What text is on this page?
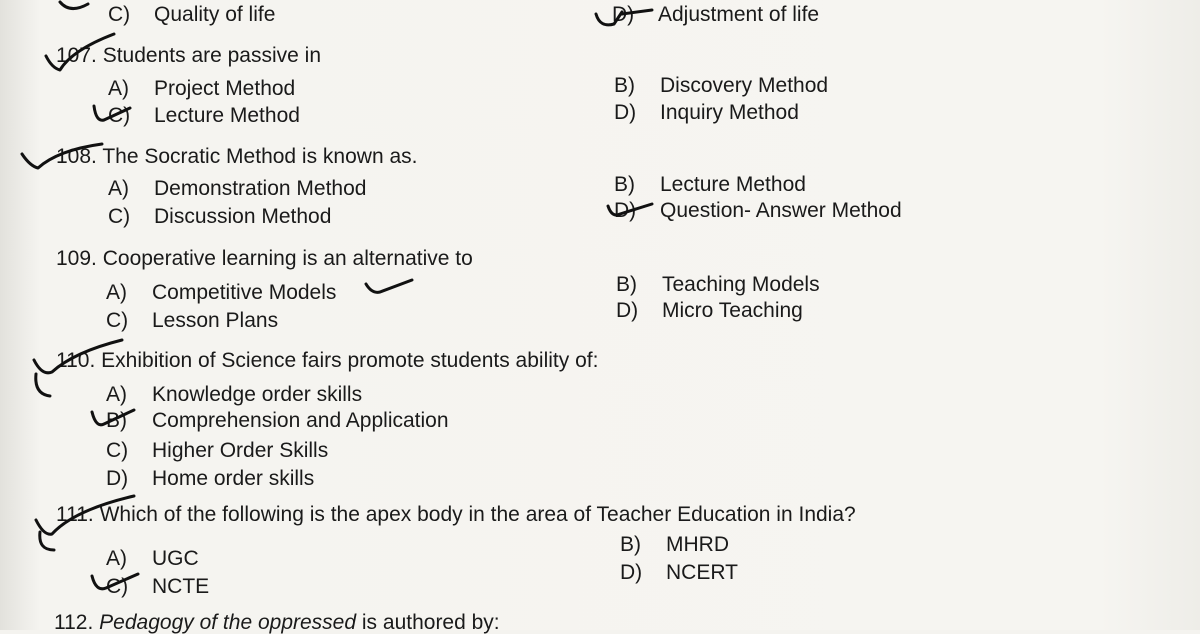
C) Quality of life	D) Adjustment of life
107. Students are passive in
A) Project Method	B) Discovery Method
C) Lecture Method	D) Inquiry Method
108. The Socratic Method is known as.
A) Demonstration Method	B) Lecture Method
C) Discussion Method	D) Question- Answer Method
109. Cooperative learning is an alternative to
A) Competitive Models	B) Teaching Models
C) Lesson Plans	D) Micro Teaching
110. Exhibition of Science fairs promote students ability of:
A) Knowledge order skills
B) Comprehension and Application
C) Higher Order Skills
D) Home order skills
111. Which of the following is the apex body in the area of Teacher Education in India?
A) UGC
B) MHRD
C) NCTE
D) NCERT
112. Pedagogy of the oppressed is authored by:
